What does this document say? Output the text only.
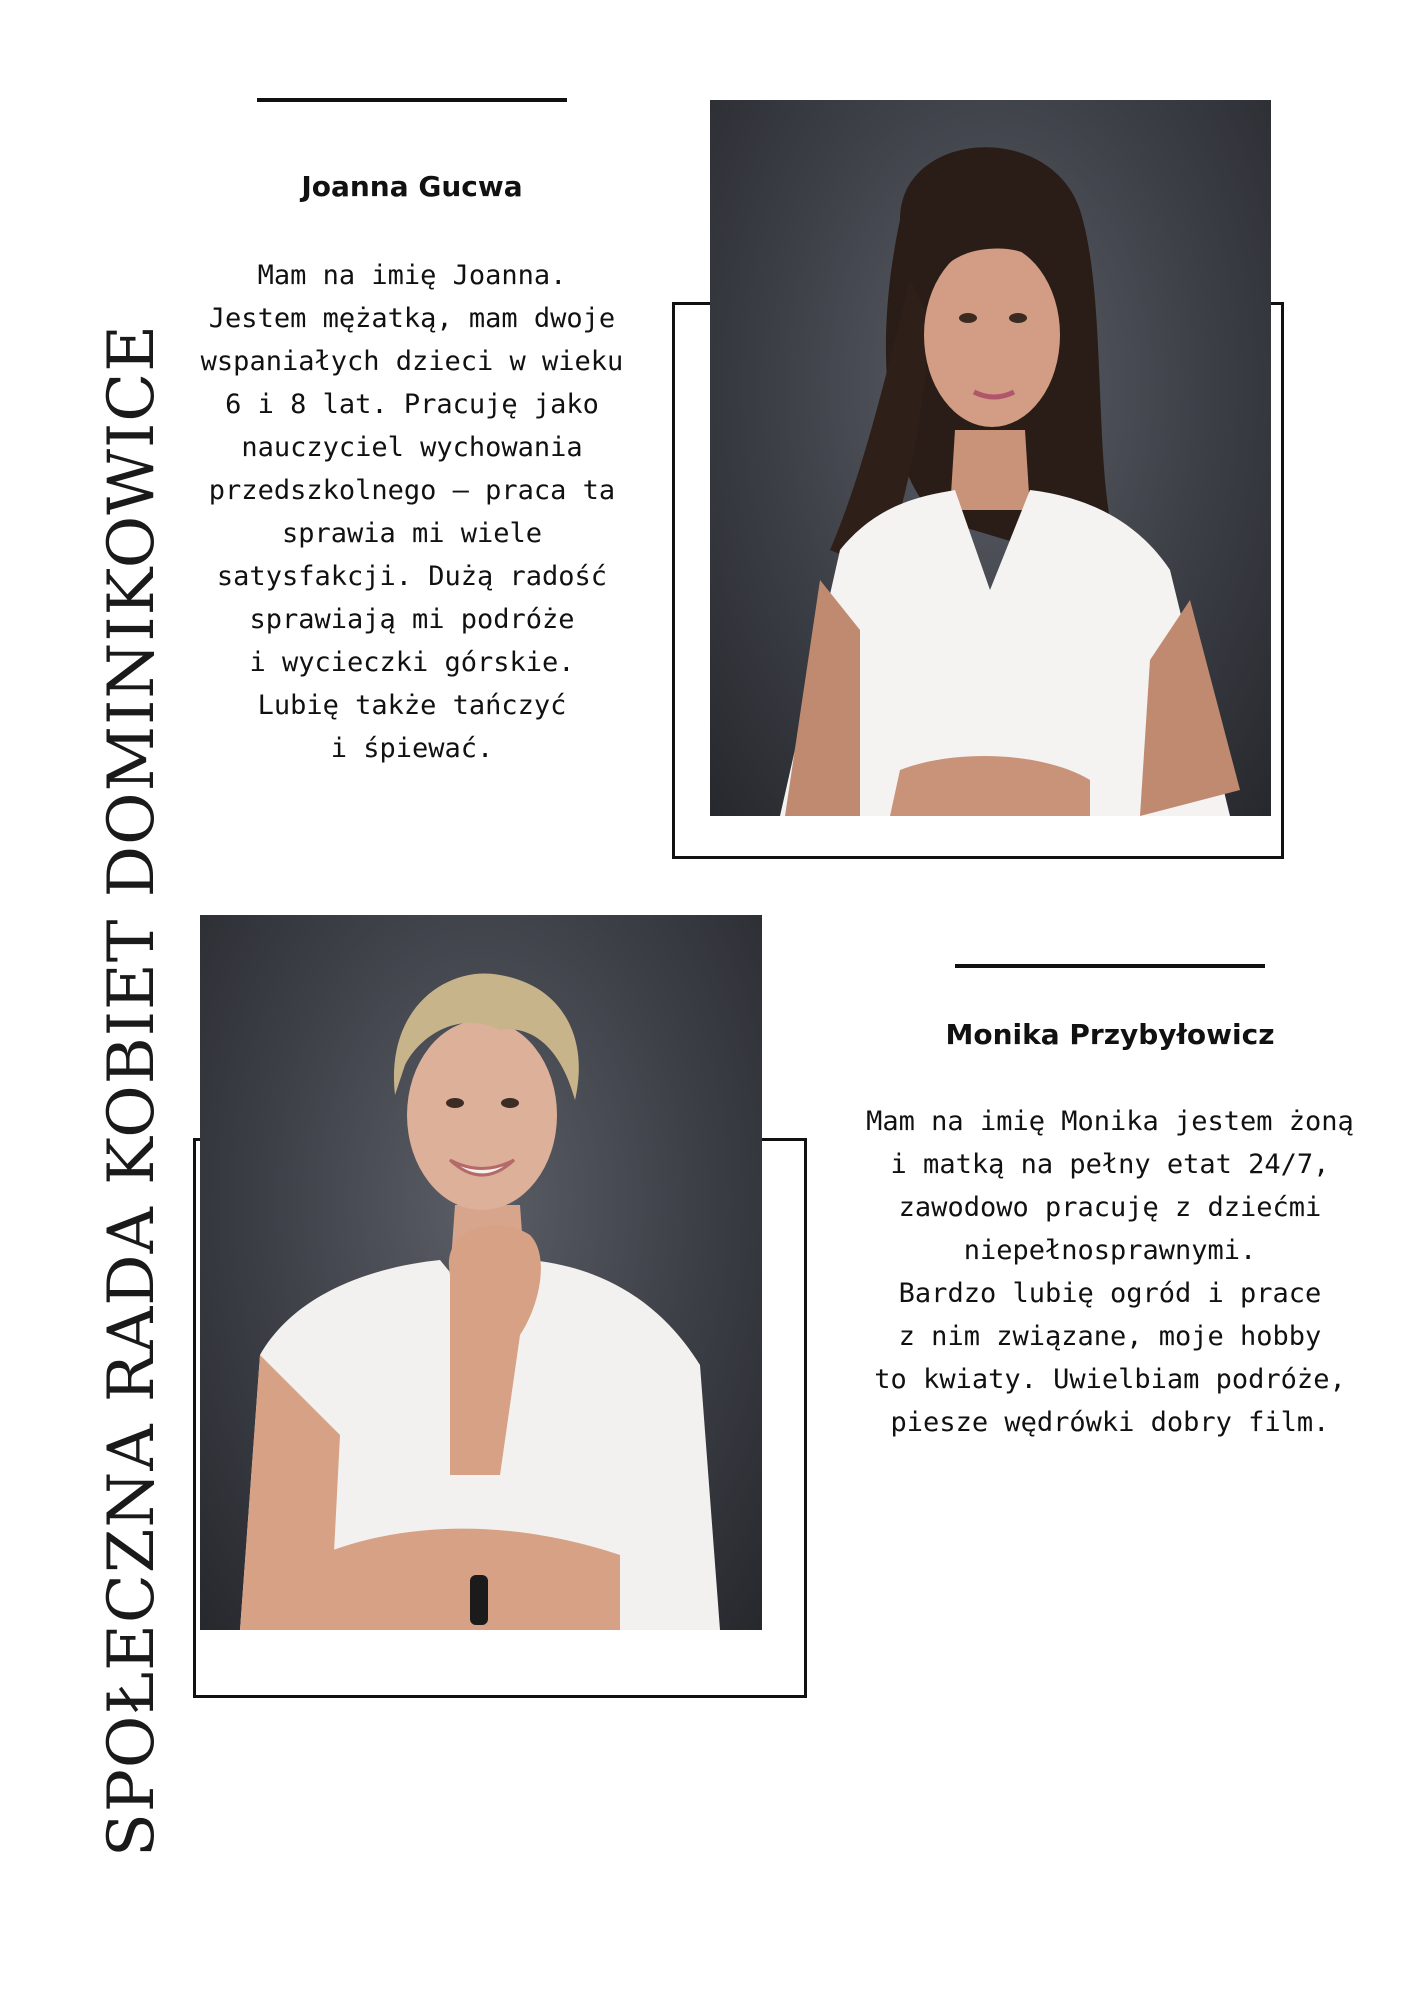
SPOŁECZNA RADA KOBIET DOMINIKOWICE
Joanna Gucwa
Mam na imię Joanna.
Jestem mężatką, mam dwoje
wspaniałych dzieci w wieku
6 i 8 lat. Pracuję jako
nauczyciel wychowania
przedszkolnego – praca ta
sprawia mi wiele
satysfakcji. Dużą radość
sprawiają mi podróże
i wycieczki górskie.
Lubię także tańczyć
i śpiewać.
Monika Przybyłowicz
Mam na imię Monika jestem żoną
i matką na pełny etat 24/7,
zawodowo pracuję z dziećmi
niepełnosprawnymi.
Bardzo lubię ogród i prace
z nim związane, moje hobby
to kwiaty. Uwielbiam podróże,
piesze wędrówki dobry film.
